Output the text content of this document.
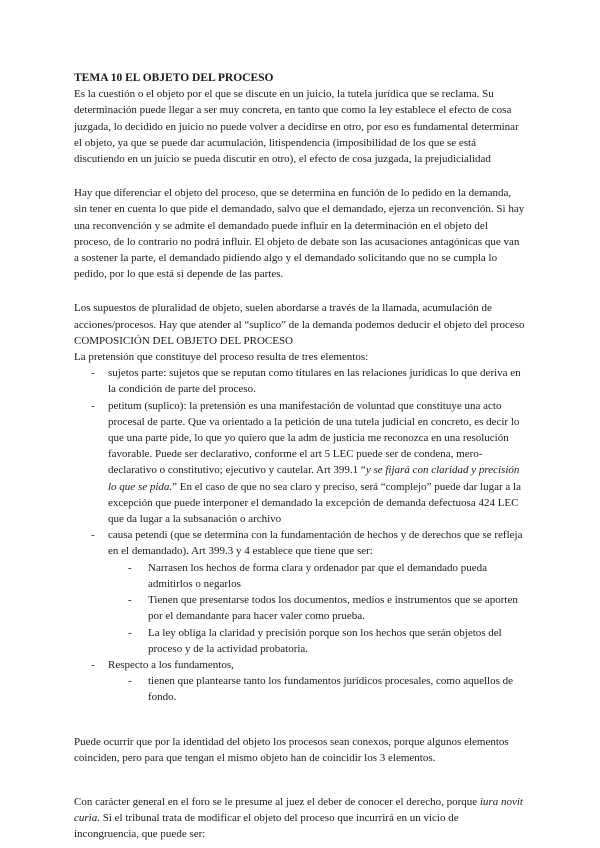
TEMA 10 EL OBJETO DEL PROCESO

Es la cuestión o el objeto por el que se discute en un juicio, la tutela jurídica que se reclama. Su determinación puede llegar a ser muy concreta, en tanto que como la ley establece el efecto de cosa juzgada, lo decidido en juicio no puede volver a decidirse en otro, por eso es fundamental determinar el objeto, ya que se puede dar acumulación, litispendencia (imposibilidad de los que se está discutiendo en un juicio se pueda discutir en otro), el efecto de cosa juzgada, la prejudicialidad

Hay que diferenciar el objeto del proceso, que se determina en función de lo pedido en la demanda, sin tener en cuenta lo que pide el demandado, salvo que el demandado, ejerza un reconvención. Si hay una reconvención y se admite el demandado puede influir en la determinación en el objeto del proceso, de lo contrario no podrá influir. El objeto de debate son las acusaciones antagónicas que van a sostener la parte, el demandado pidiendo algo y el demandado solicitando que no se cumpla lo pedido, por lo que está si depende de las partes.

Los supuestos de pluralidad de objeto, suelen abordarse a través de la llamada, acumulación de acciones/procesos. Hay que atender al “suplico” de la demanda podemos deducir el objeto del proceso

COMPOSICIÓN DEL OBJETO DEL PROCESO

La pretensión que constituye del proceso resulta de tres elementos:

- sujetos parte: sujetos que se reputan como titulares en las relaciones jurídicas lo que deriva en la condición de parte del proceso.
- petitum (suplico): la pretensión es una manifestación de voluntad que constituye una acto procesal de parte. Que va orientado a la petición de una tutela judicial en concreto, es decir lo que una parte pide, lo que yo quiero que la adm de justicia me reconozca en una resolución favorable. Puede ser declarativo, conforme el art 5 LEC puede ser de condena, mero-declarativo o constitutivo; ejecutivo y cautelar. Art 399.1 “y se fijará con claridad y precisión lo que se pida.” En el caso de que no sea claro y preciso, será “complejo” puede dar lugar a la excepción que puede interponer el demandado la excepción de demanda defectuosa 424 LEC que da lugar a la subsanación o archivo
- causa petendi (que se determina con la fundamentación de hechos y de derechos que se refleja en el demandado). Art 399.3 y 4 establece que tiene que ser:
- Narrasen los hechos de forma clara y ordenador par que el demandado pueda admitirlos o negarlos
- Tienen que presentarse todos los documentos, medios e instrumentos que se aporten por el demandante para hacer valer como prueba.
- La ley obliga la claridad y precisión porque son los hechos que serán objetos del proceso y de la actividad probatoria.
- Respecto a los fundamentos,
- tienen que plantearse tanto los fundamentos jurídicos procesales, como aquellos de fondo.

Puede ocurrir que por la identidad del objeto los procesos sean conexos, porque algunos elementos coinciden, pero para que tengan el mismo objeto han de coincidir los 3 elementos.

Con carácter general en el foro se le presume al juez el deber de conocer el derecho, porque iura novit curia. Si el tribunal trata de modificar el objeto del proceso que incurrirá en un vicio de incongruencia, que puede ser:
